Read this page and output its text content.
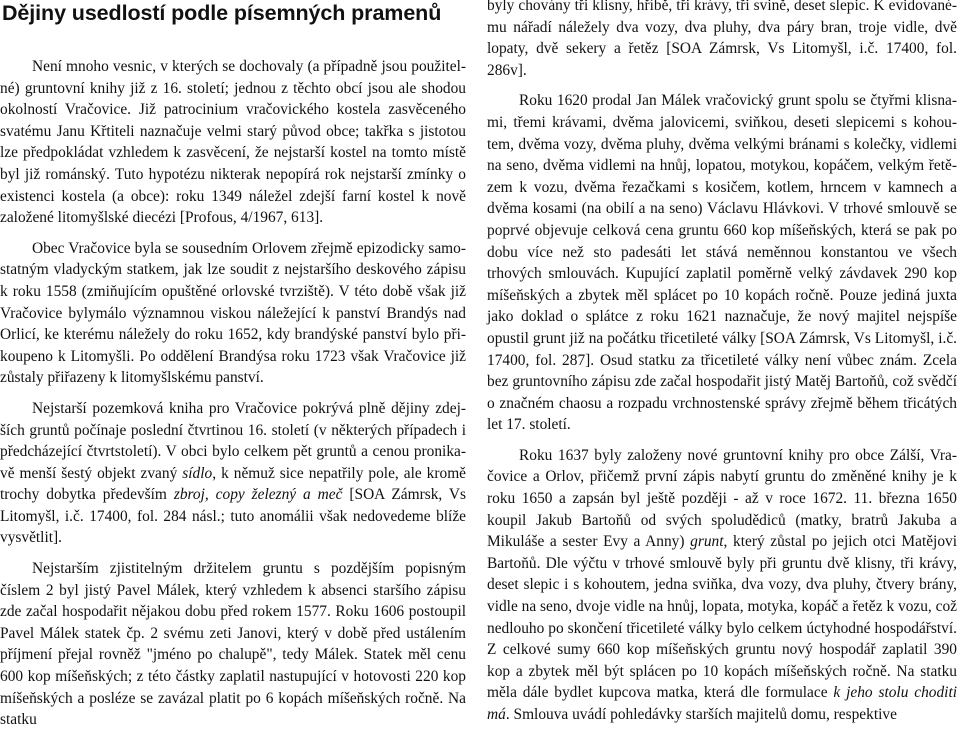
Dějiny usedlostí podle písemných pramenů

Není mnoho vesnic, v kterých se dochovaly (a případně jsou použitelné) gruntovní knihy již z 16. století; jednou z těchto obcí jsou ale shodou okolností Vračovice. Již patrocinium vračovického kostela zasvěceného svatému Janu Křtiteli naznačuje velmi starý původ obce; takřka s jistotou lze předpokládat vzhledem k zasvěcení, že nejstarší kostel na tomto místě byl již románský. Tuto hypotézu nikterak nepopírá rok nejstarší zmínky o existenci kostela (a obce): roku 1349 náležel zdejší farní kostel k nově založené litomyšlské diecézi [Profous, 4/1967, 613].

Obec Vračovice byla se sousedním Orlovem zřejmě epizodicky samostatným vladyckým statkem, jak lze soudit z nejstaršího deskového zápisu k roku 1558 (zmiňujícím opuštěné orlovské tvrziště). V této době však již Vračovice bylymálo významnou viskou náležející k panství Brandýs nad Orlicí, ke kterému náležely do roku 1652, kdy brandýské panství bylo přikoupeno k Litomyšli. Po oddělení Brandýsa roku 1723 však Vračovice již zůstaly přiřazeny k litomyšlskému panství.

Nejstarší pozemková kniha pro Vračovice pokrývá plně dějiny zdejších gruntů počínaje poslední čtvrtinou 16. století (v některých případech i předcházející čtvrtstoletí). V obci bylo celkem pět gruntů a cenou pronikavě menší šestý objekt zvaný sídlo, k němuž sice nepatřily pole, ale kromě trochy dobytka především zbroj, copy železný a meč [SOA Zámrsk, Vs Litomyšl, i.č. 17400, fol. 284 násl.; tuto anomálii však nedovedeme blíže vysvětlit].

Nejstarším zjistitelným držitelem gruntu s pozdějším popisným číslem 2 byl jistý Pavel Málek, který vzhledem k absenci staršího zápisu zde začal hospodařit nějakou dobu před rokem 1577. Roku 1606 postoupil Pavel Málek statek čp. 2 svému zeti Janovi, který v době před ustálením příjmení přejal rovněž "jméno po chalupě", tedy Málek. Statek měl cenu 600 kop míšeňských; z této částky zaplatil nastupující v hotovosti 220 kop míšeňských a posléze se zavázal platit po 6 kopách míšeňských ročně. Na statku

byly chovány tři klisny, hříbě, tři krávy, tři svině, deset slepic. K evidovanému nářadí náležely dva vozy, dva pluhy, dva páry bran, troje vidle, dvě lopaty, dvě sekery a řetěz [SOA Zámrsk, Vs Litomyšl, i.č. 17400, fol. 286v].

Roku 1620 prodal Jan Málek vračovický grunt spolu se čtyřmi klisnami, třemi krávami, dvěma jalovicemi, sviňkou, deseti slepicemi s kohoutem, dvěma vozy, dvěma pluhy, dvěma velkými bránami s kolečky, vidlemi na seno, dvěma vidlemi na hnůj, lopatou, motykou, kopáčem, velkým řetězem k vozu, dvěma řezačkami s kosičem, kotlem, hrncem v kamnech a dvěma kosami (na obilí a na seno) Václavu Hlávkovi. V trhové smlouvě se poprvé objevuje celková cena gruntu 660 kop míšeňských, která se pak po dobu více než sto padesáti let stává neměnnou konstantou ve všech trhových smlouvách. Kupující zaplatil poměrně velký závdavek 290 kop míšeňských a zbytek měl splácet po 10 kopách ročně. Pouze jediná juxta jako doklad o splátce z roku 1621 naznačuje, že nový majitel nejspíše opustil grunt již na počátku třicetileté války [SOA Zámrsk, Vs Litomyšl, i.č. 17400, fol. 287]. Osud statku za třicetileté války není vůbec znám. Zcela bez gruntovního zápisu zde začal hospodařit jistý Matěj Bartoňů, což svědčí o značném chaosu a rozpadu vrchnostenské správy zřejmě během třicátých let 17. století.

Roku 1637 byly založeny nové gruntovní knihy pro obce Zálší, Vračovice a Orlov, přičemž první zápis nabytí gruntu do změněné knihy je k roku 1650 a zapsán byl ještě později - až v roce 1672. 11. března 1650 koupil Jakub Bartoňů od svých spoludědiců (matky, bratrů Jakuba a Mikuláše a sester Evy a Anny) grunt, který zůstal po jejich otci Matějovi Bartoňů. Dle výčtu v trhové smlouvě byly při gruntu dvě klisny, tři krávy, deset slepic i s kohoutem, jedna sviňka, dva vozy, dva pluhy, čtvery brány, vidle na seno, dvoje vidle na hnůj, lopata, motyka, kopáč a řetěz k vozu, což nedlouho po skončení třicetileté války bylo celkem úctyhodné hospodářství. Z celkové sumy 660 kop míšeňských gruntu nový hospodář zaplatil 390 kop a zbytek měl být splácen po 10 kopách míšeňských ročně. Na statku měla dále bydlet kupcova matka, která dle formulace k jeho stolu choditi má. Smlouva uvádí pohledávky starších majitelů domu, respektive
